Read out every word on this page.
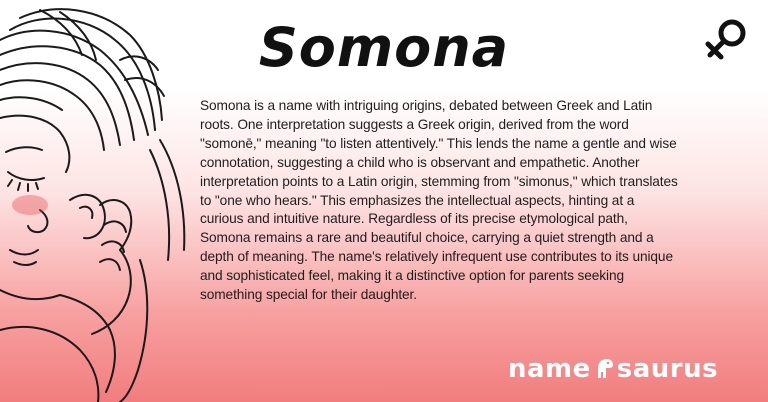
Somona

Somona is a name with intriguing origins, debated between Greek and Latin roots. One interpretation suggests a Greek origin, derived from the word "somonē," meaning "to listen attentively." This lends the name a gentle and wise connotation, suggesting a child who is observant and empathetic. Another interpretation points to a Latin origin, stemming from "simonus," which translates to "one who hears." This emphasizes the intellectual aspects, hinting at a curious and intuitive nature. Regardless of its precise etymological path, Somona remains a rare and beautiful choice, carrying a quiet strength and a depth of meaning. The name's relatively infrequent use contributes to its unique and sophisticated feel, making it a distinctive option for parents seeking something special for their daughter.

name saurus
